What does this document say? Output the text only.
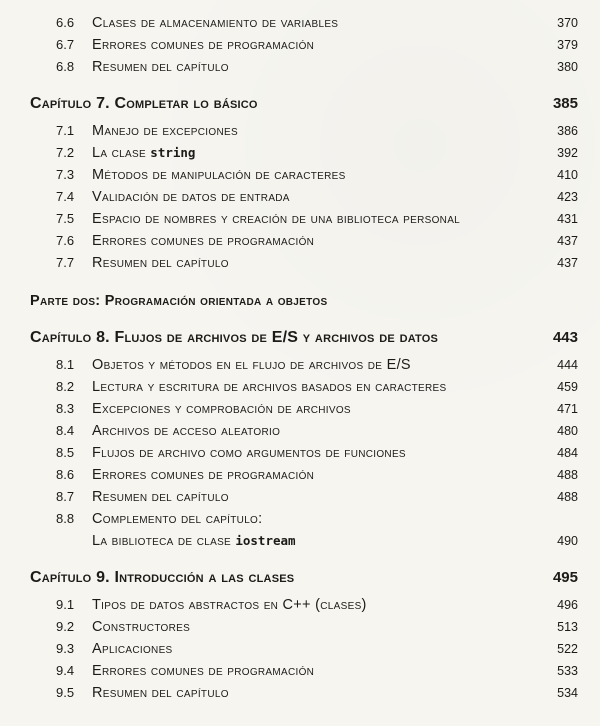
6.6	Clases de almacenamiento de variables	370
6.7	Errores comunes de programación	379
6.8	Resumen del capítulo	380
Capítulo 7. Completar lo básico	385
7.1	Manejo de excepciones	386
7.2	La clase string	392
7.3	Métodos de manipulación de caracteres	410
7.4	Validación de datos de entrada	423
7.5	Espacio de nombres y creación de una biblioteca personal	431
7.6	Errores comunes de programación	437
7.7	Resumen del capítulo	437
Parte dos: Programación orientada a objetos
Capítulo 8. Flujos de archivos de E/S y archivos de datos	443
8.1	Objetos y métodos en el flujo de archivos de E/S	444
8.2	Lectura y escritura de archivos basados en caracteres	459
8.3	Excepciones y comprobación de archivos	471
8.4	Archivos de acceso aleatorio	480
8.5	Flujos de archivo como argumentos de funciones	484
8.6	Errores comunes de programación	488
8.7	Resumen del capítulo	488
8.8	Complemento del capítulo:
La biblioteca de clase iostream	490
Capítulo 9. Introducción a las clases	495
9.1	Tipos de datos abstractos en C++ (clases)	496
9.2	Constructores	513
9.3	Aplicaciones	522
9.4	Errores comunes de programación	533
9.5	Resumen del capítulo	534
